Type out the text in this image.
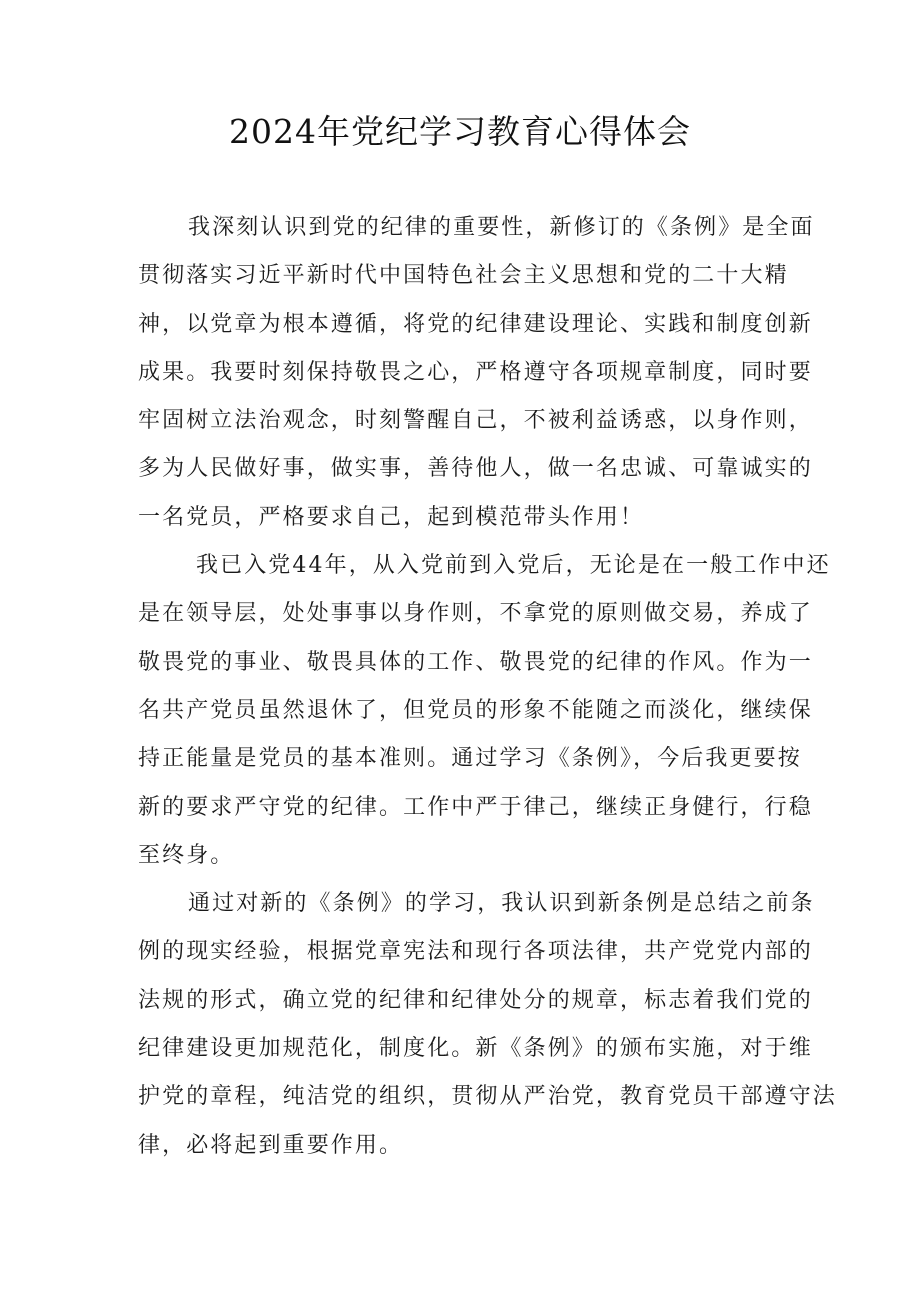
2024年党纪学习教育心得体会
我深刻认识到党的纪律的重要性，新修订的《条例》是全面
贯彻落实习近平新时代中国特色社会主义思想和党的二十大精
神，以党章为根本遵循，将党的纪律建设理论、实践和制度创新
成果。我要时刻保持敬畏之心，严格遵守各项规章制度，同时要
牢固树立法治观念，时刻警醒自己，不被利益诱惑，以身作则，
多为人民做好事，做实事，善待他人，做一名忠诚、可靠诚实的
一名党员，严格要求自己，起到模范带头作用！
我已入党44年，从入党前到入党后，无论是在一般工作中还
是在领导层，处处事事以身作则，不拿党的原则做交易，养成了
敬畏党的事业、敬畏具体的工作、敬畏党的纪律的作风。作为一
名共产党员虽然退休了，但党员的形象不能随之而淡化，继续保
持正能量是党员的基本准则。通过学习《条例》，今后我更要按
新的要求严守党的纪律。工作中严于律己，继续正身健行，行稳
至终身。
通过对新的《条例》的学习，我认识到新条例是总结之前条
例的现实经验，根据党章宪法和现行各项法律，共产党党内部的
法规的形式，确立党的纪律和纪律处分的规章，标志着我们党的
纪律建设更加规范化，制度化。新《条例》的颁布实施，对于维
护党的章程，纯洁党的组织，贯彻从严治党，教育党员干部遵守法
律，必将起到重要作用。
